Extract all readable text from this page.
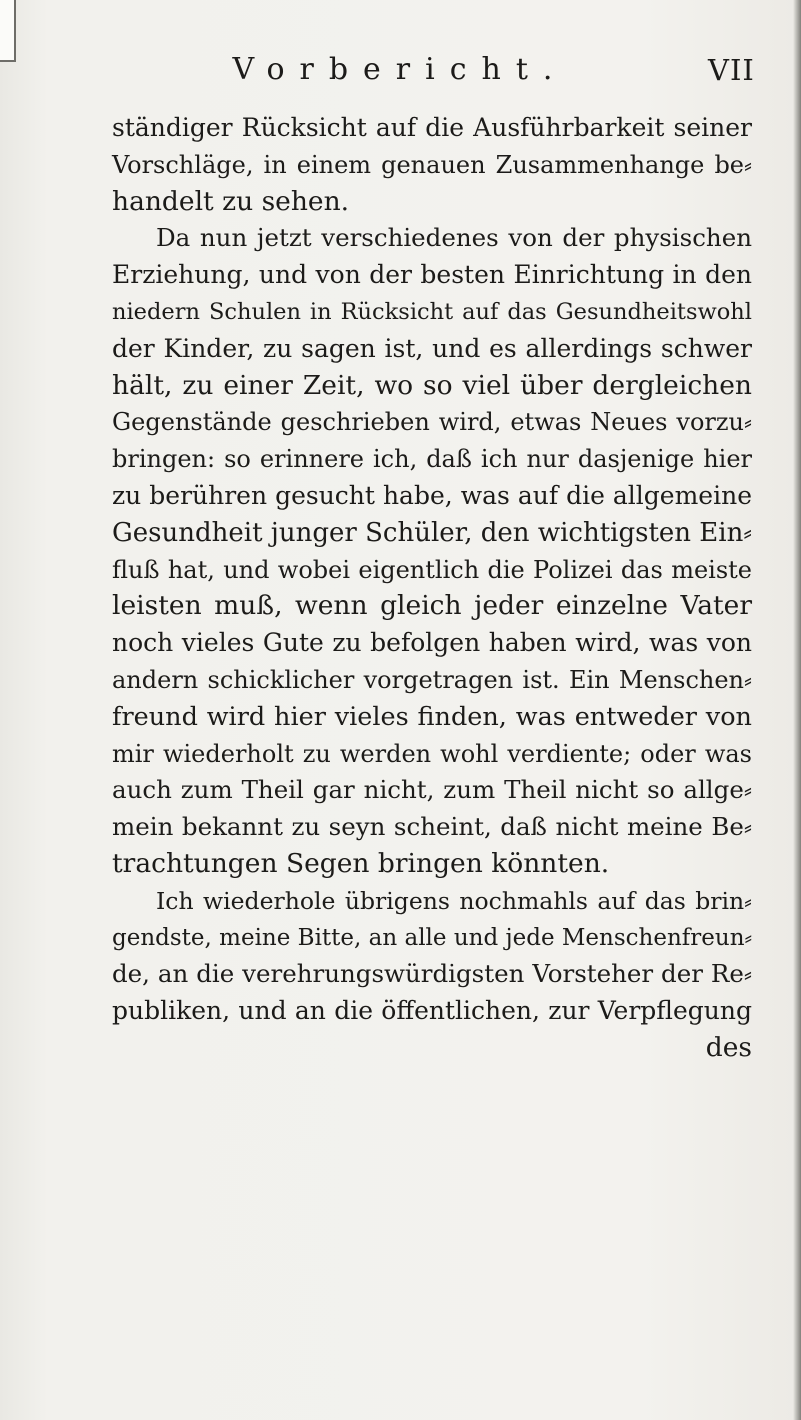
Vorbericht.	VII
ständiger Rücksicht auf die Ausführbarkeit seiner
Vorschläge, in einem genauen Zusammenhange be⸗
handelt zu sehen.
Da nun jetzt verschiedenes von der physischen
Erziehung, und von der besten Einrichtung in den
niedern Schulen in Rücksicht auf das Gesundheitswohl
der Kinder, zu sagen ist, und es allerdings schwer
hält, zu einer Zeit, wo so viel über dergleichen
Gegenstände geschrieben wird, etwas Neues vorzu⸗
bringen: so erinnere ich, daß ich nur dasjenige hier
zu berühren gesucht habe, was auf die allgemeine
Gesundheit junger Schüler, den wichtigsten Ein⸗
fluß hat, und wobei eigentlich die Polizei das meiste
leisten muß, wenn gleich jeder einzelne Vater
noch vieles Gute zu befolgen haben wird, was von
andern schicklicher vorgetragen ist. Ein Menschen⸗
freund wird hier vieles finden, was entweder von
mir wiederholt zu werden wohl verdiente; oder was
auch zum Theil gar nicht, zum Theil nicht so allge⸗
mein bekannt zu seyn scheint, daß nicht meine Be⸗
trachtungen Segen bringen könnten.
Ich wiederhole übrigens nochmahls auf das brin⸗
gendste, meine Bitte, an alle und jede Menschenfreun⸗
de, an die verehrungswürdigsten Vorsteher der Re⸗
publiken, und an die öffentlichen, zur Verpflegung
des
